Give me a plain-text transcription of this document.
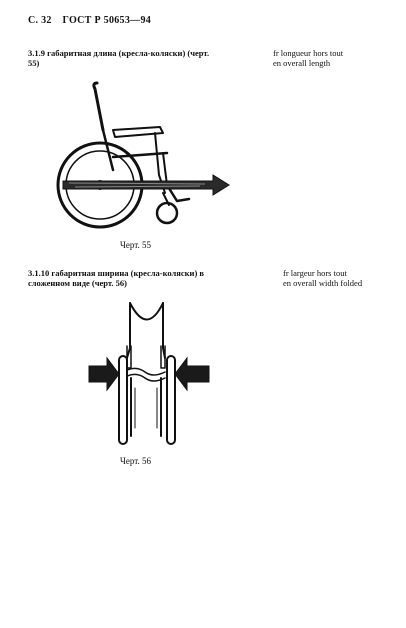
С. 32 ГОСТ Р 50653—94
3.1.9 габаритная длина (кресла-коляски) (черт.
55)
fr longueur hors tout
en overall length
Черт. 55
3.1.10 габаритная ширина (кресла-коляски) в
сложенном виде (черт. 56)
fr largeur hors tout
en overall width folded
Черт. 56
